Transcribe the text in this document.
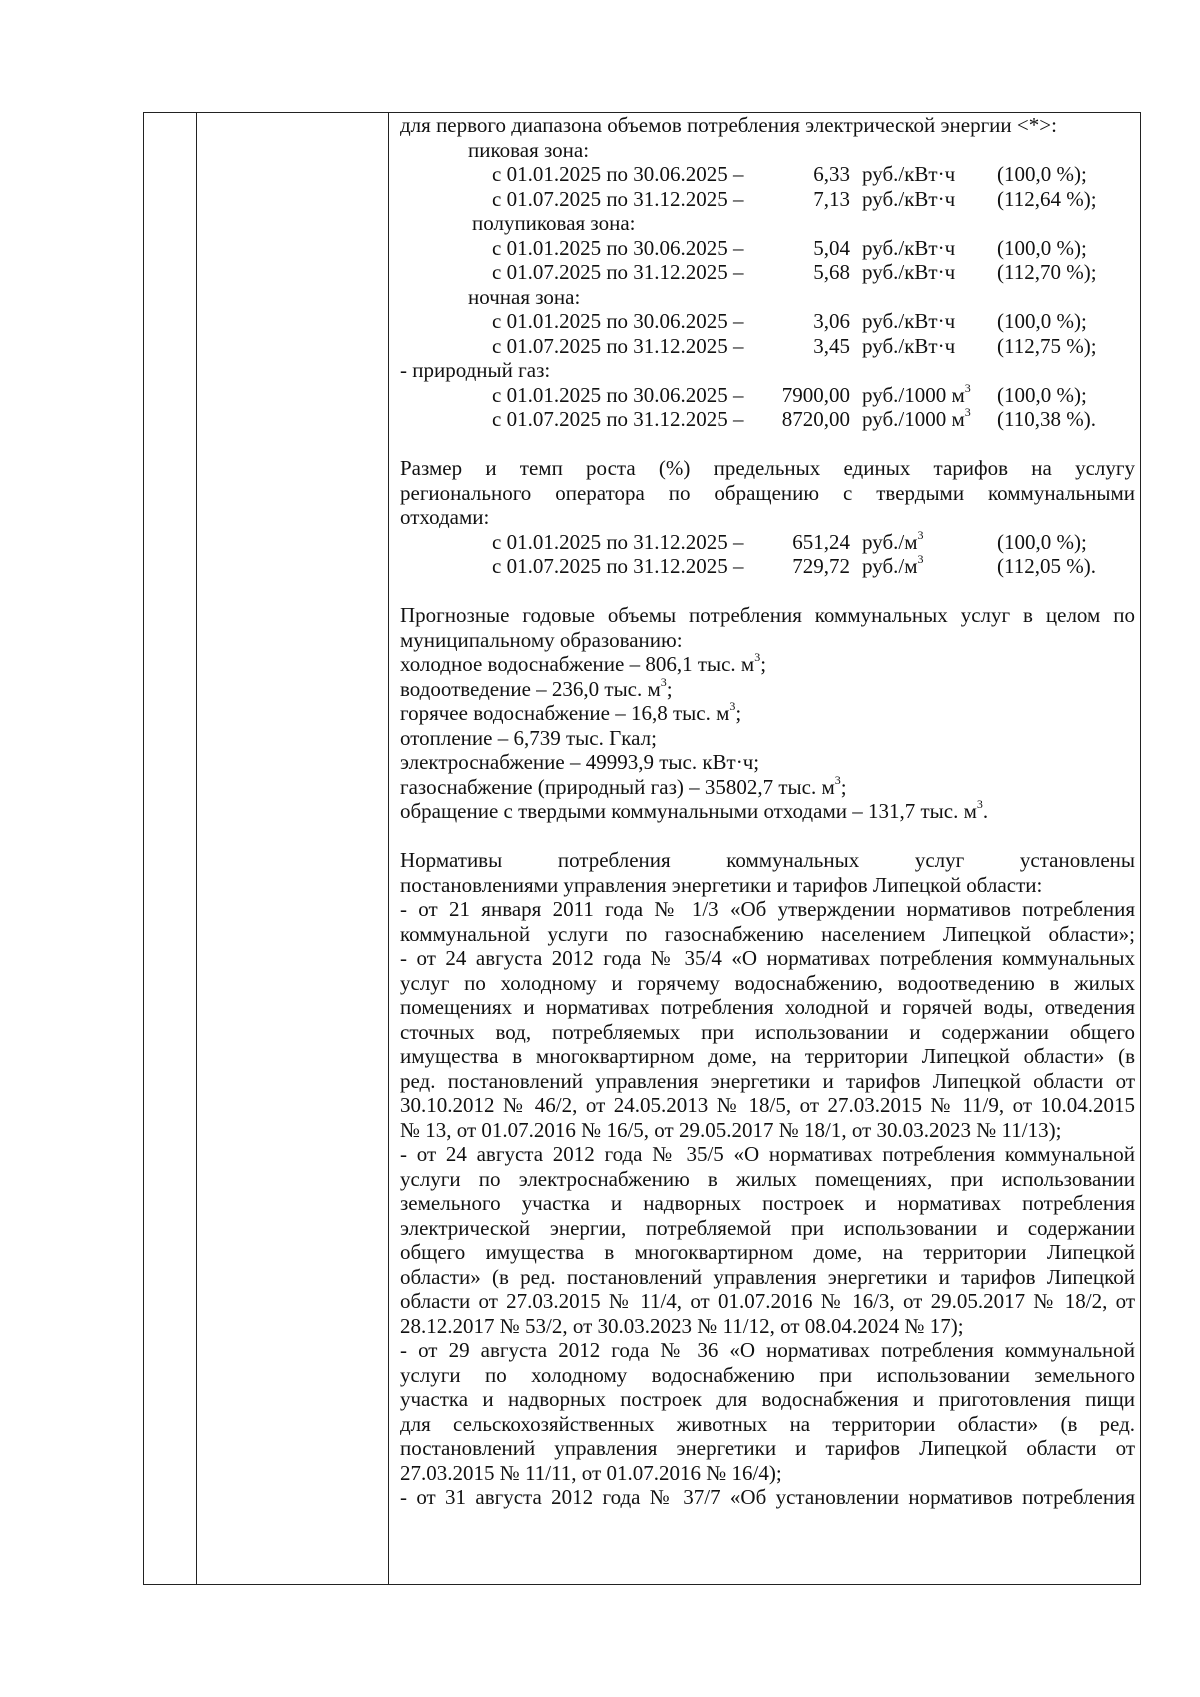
для первого диапазона объемов потребления электрической энергии <*>:
пиковая зона:
с 01.01.2025 по 30.06.2025 –	6,33 руб./кВт·ч (100,0 %);
с 01.07.2025 по 31.12.2025 –	7,13 руб./кВт·ч (112,64 %);
полупиковая зона:
с 01.01.2025 по 30.06.2025 –	5,04 руб./кВт·ч (100,0 %);
с 01.07.2025 по 31.12.2025 –	5,68 руб./кВт·ч (112,70 %);
ночная зона:
с 01.01.2025 по 30.06.2025 –	3,06 руб./кВт·ч (100,0 %);
с 01.07.2025 по 31.12.2025 –	3,45 руб./кВт·ч (112,75 %);
- природный газ:
с 01.01.2025 по 30.06.2025 – 7900,00 руб./1000 $м^3$ (100,0 %);
с 01.07.2025 по 31.12.2025 – 8720,00 руб./1000 $м^3$ (110,38 %).
Размер и темп роста (%) предельных единых тарифов на услугу
регионального оператора по обращению с твердыми коммунальными
отходами:
с 01.01.2025 по 31.12.2025 – 651,24 $руб./м^3$	(100,0 %);
с 01.07.2025 по 31.12.2025 – 729,72 $руб./м^3$	(112,05 %).
Прогнозные годовые объемы потребления коммунальных услуг в целом по
муниципальному образованию:
холодное водоснабжение – 806,1 тыс. $м^3$;
водоотведение – 236,0 тыс. $м^3$;
горячее водоснабжение – 16,8 тыс. $м^3$;
отопление – 6,739 тыс. Гкал;
электроснабжение – 49993,9 тыс. кВт·ч;
газоснабжение (природный газ) – 35802,7 тыс. $м^3$;
обращение с твердыми коммунальными отходами – 131,7 тыс. $м^3$.
Нормативы потребления коммунальных услуг установлены
постановлениями управления энергетики и тарифов Липецкой области:
- от 21 января 2011 года № 1/3 «Об утверждении нормативов потребления
коммунальной услуги по газоснабжению населением Липецкой области»;
- от 24 августа 2012 года № 35/4 «О нормативах потребления коммунальных
услуг по холодному и горячему водоснабжению, водоотведению в жилых
помещениях и нормативах потребления холодной и горячей воды, отведения
сточных вод, потребляемых при использовании и содержании общего
имущества в многоквартирном доме, на территории Липецкой области» (в
ред. постановлений управления энергетики и тарифов Липецкой области от
30.10.2012 № 46/2, от 24.05.2013 № 18/5, от 27.03.2015 № 11/9, от 10.04.2015
№ 13, от 01.07.2016 № 16/5, от 29.05.2017 № 18/1, от 30.03.2023 № 11/13);
- от 24 августа 2012 года № 35/5 «О нормативах потребления коммунальной
услуги по электроснабжению в жилых помещениях, при использовании
земельного участка и надворных построек и нормативах потребления
электрической энергии, потребляемой при использовании и содержании
общего имущества в многоквартирном доме, на территории Липецкой
области» (в ред. постановлений управления энергетики и тарифов Липецкой
области от 27.03.2015 № 11/4, от 01.07.2016 № 16/3, от 29.05.2017 № 18/2, от
28.12.2017 № 53/2, от 30.03.2023 № 11/12, от 08.04.2024 № 17);
- от 29 августа 2012 года № 36 «О нормативах потребления коммунальной
услуги по холодному водоснабжению при использовании земельного
участка и надворных построек для водоснабжения и приготовления пищи
для сельскохозяйственных животных на территории области» (в ред.
постановлений управления энергетики и тарифов Липецкой области от
27.03.2015 № 11/11, от 01.07.2016 № 16/4);
- от 31 августа 2012 года № 37/7 «Об установлении нормативов потребления
